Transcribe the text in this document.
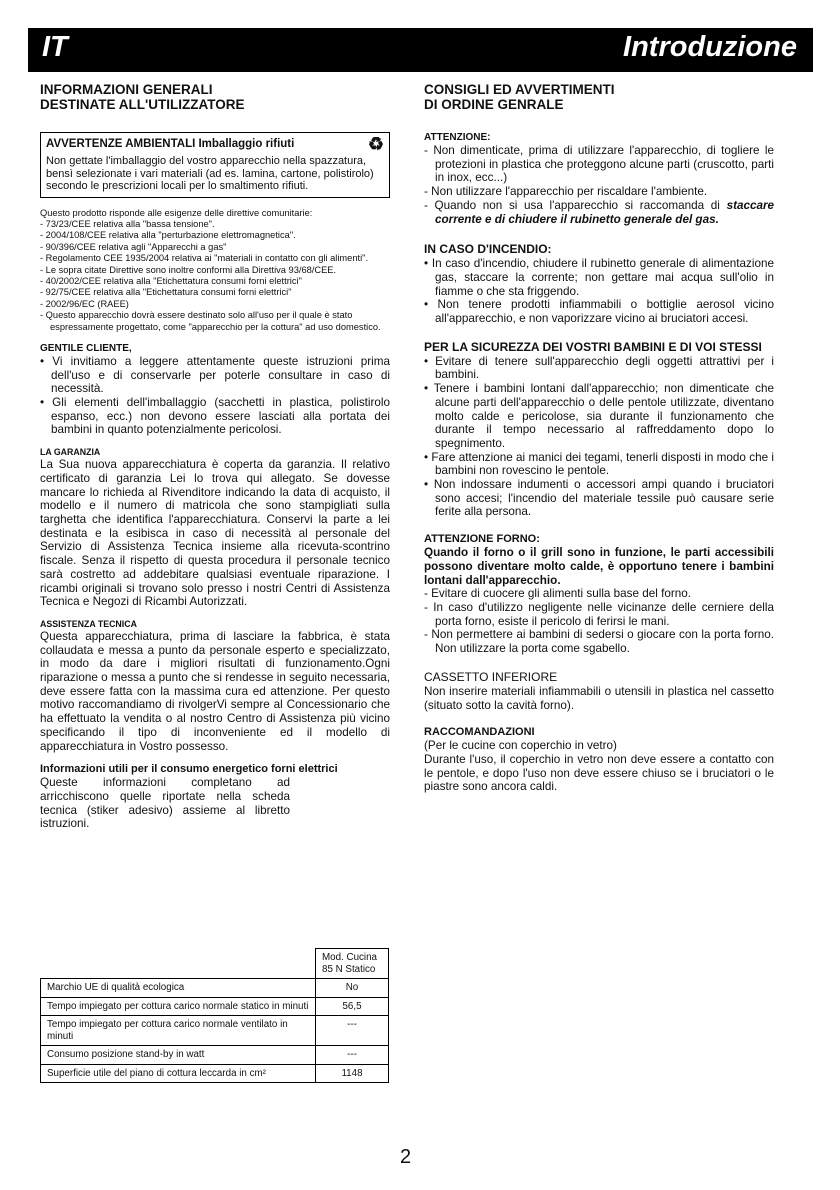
IT	Introduzione
INFORMAZIONI GENERALI
DESTINATE ALL'UTILIZZATORE
AVVERTENZE AMBIENTALI Imballaggio rifiuti	♻

Non gettate l'imballaggio del vostro apparecchio nella spazzatura, bensì selezionate i vari materiali (ad es. lamina, cartone, polistirolo) secondo le prescrizioni locali per lo smaltimento rifiuti.

Questo prodotto risponde alle esigenze delle direttive comunitarie:
- 73/23/CEE relativa alla "bassa tensione".
- 2004/108/CEE relativa alla "perturbazione elettromagnetica".
- 90/396/CEE relativa agli "Apparecchi a gas"
- Regolamento CEE 1935/2004 relativa ai "materiali in contatto con gli alimenti".
- Le sopra citate Direttive sono inoltre conformi alla Direttiva 93/68/CEE.
- 40/2002/CEE relativa alla "Etichettatura consumi forni elettrici"
- 92/75/CEE relativa alla "Etichettatura consumi forni elettrici"
- 2002/96/EC (RAEE)
- Questo apparecchio dovrà essere destinato solo all'uso per il quale è stato espressamente progettato, come "apparecchio per la cottura" ad uso domestico.
GENTILE CLIENTE,
• Vi invitiamo a leggere attentamente queste istruzioni prima dell'uso e di conservarle per poterle consultare in caso di necessità.
• Gli elementi dell'imballaggio (sacchetti in plastica, polistirolo espanso, ecc.) non devono essere lasciati alla portata dei bambini in quanto potenzialmente pericolosi.
LA GARANZIA

La Sua nuova apparecchiatura è coperta da garanzia. Il relativo certificato di garanzia Lei lo trova qui allegato. Se dovesse mancare lo richieda al Rivenditore indicando la data di acquisto, il modello e il numero di matricola che sono stampigliati sulla targhetta che identifica l'apparecchiatura. Conservi la parte a lei destinata e la esibisca in caso di necessità al personale del Servizio di Assistenza Tecnica insieme alla ricevuta-scontrino fiscale. Senza il rispetto di questa procedura il personale tecnico sarà costretto ad addebitare qualsiasi eventuale riparazione. I ricambi originali si trovano solo presso i nostri Centri di Assistenza Tecnica e Negozi di Ricambi Autorizzati.

ASSISTENZA TECNICA

Questa apparecchiatura, prima di lasciare la fabbrica, è stata collaudata e messa a punto da personale esperto e specializzato, in modo da dare i migliori risultati di funzionamento.Ogni riparazione o messa a punto che si rendesse in seguito necessaria, deve essere fatta con la massima cura ed attenzione. Per questo motivo raccomandiamo di rivolgerVi sempre al Concessionario che ha effettuato la vendita o al nostro Centro di Assistenza più vicino specificando il tipo di inconveniente ed il modello di apparecchiatura in Vostro possesso.

Informazioni utili per il consumo energetico forni elettrici

Queste informazioni completano ad arricchiscono quelle riportate nella scheda tecnica (stiker adesivo) assieme al libretto istruzioni.

	Mod. Cucina 85 N Statico
Marchio UE di qualità ecologica	No
Tempo impiegato per cottura carico normale statico in minuti	56,5
Tempo impiegato per cottura carico normale ventilato in minuti	---
Consumo posizione stand-by in watt	---
Superficie utile del piano di cottura leccarda in cm²	1148
CONSIGLI ED AVVERTIMENTI
DI ORDINE GENRALE
ATTENZIONE:
- Non dimenticate, prima di utilizzare l'apparecchio, di togliere le protezioni in plastica che proteggono alcune parti (cruscotto, parti in inox, ecc...)
- Non utilizzare l'apparecchio per riscaldare l'ambiente.
- Quando non si usa l'apparecchio si raccomanda di staccare corrente e di chiudere il rubinetto generale del gas.
IN CASO D'INCENDIO:
• In caso d'incendio, chiudere il rubinetto generale di alimentazione gas, staccare la corrente; non gettare mai acqua sull'olio in fiamme o che sta friggendo.
• Non tenere prodotti infiammabili o bottiglie aerosol vicino all'apparecchio, e non vaporizzare vicino ai bruciatori accesi.
PER LA SICUREZZA DEI VOSTRI BAMBINI E DI VOI STESSI
• Evitare di tenere sull'apparecchio degli oggetti attrattivi per i bambini.
• Tenere i bambini lontani dall'apparecchio; non dimenticate che alcune parti dell'apparecchio o delle pentole utilizzate, diventano molto calde e pericolose, sia durante il funzionamento che durante il tempo necessario al raffreddamento dopo lo spegnimento.
• Fare attenzione ai manici dei tegami, tenerli disposti in modo che i bambini non rovescino le pentole.
• Non indossare indumenti o accessori ampi quando i bruciatori sono accesi; l'incendio del materiale tessile può causare serie ferite alla persona.
ATTENZIONE FORNO:

Quando il forno o il grill sono in funzione, le parti accessibili possono diventare molto calde, è opportuno tenere i bambini lontani dall'apparecchio.

- Evitare di cuocere gli alimenti sulla base del forno.
- In caso d'utilizzo negligente nelle vicinanze delle cerniere della porta forno, esiste il pericolo di ferirsi le mani.
- Non permettere ai bambini di sedersi o giocare con la porta forno. Non utilizzare la porta come sgabello.
CASSETTO INFERIORE

Non inserire materiali infiammabili o utensili in plastica nel cassetto (situato sotto la cavità forno).

RACCOMANDAZIONI

(Per le cucine con coperchio in vetro)

Durante l'uso, il coperchio in vetro non deve essere a contatto con le pentole, e dopo l'uso non deve essere chiuso se i bruciatori o le piastre sono ancora caldi.

2
